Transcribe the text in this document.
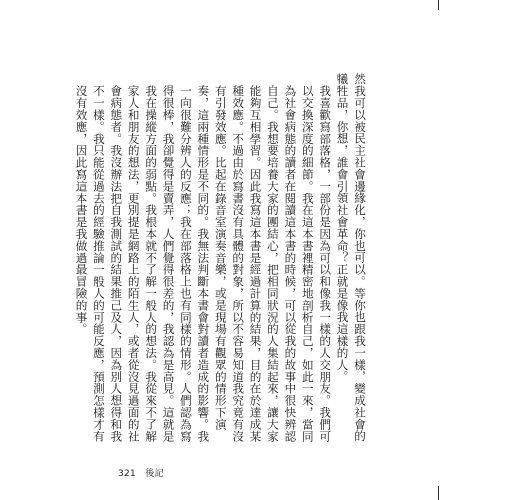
然我可以被民主社會邊緣化，你也可以。等你也跟我一樣，變成社會的犧牲品，你想，誰會引領社會革命？正就是像我這樣的人。

我喜歡寫部落格，一部份是因為可以和像我一樣的人交朋友。我們可以交換深度的細節。我在這本書裡精密地剖析自己，如此一來，當同為社會病態的讀者在閱讀這本書的時候，可以從我的故事中很快辨認自己。我想要培養大家的團結心，把相同狀況的人集結起來，讓大家能夠互相學習。因此我寫這本書是經過計算的結果，目的在於達成某種效應。不過由於寫書沒有具體的對象，所以不容易知道我究竟有沒有引發效應。比起在錄音室演奏音樂，或是現場有觀眾的情形下演奏，這兩種情形是不同的。我無法判斷本書會對讀者造成的影響。我一向很難分辨人的反應；我在部落格上也有同樣的情形。人們認為寫得很棒，我卻覺得是賣弄，人們覺得很差的，我認為是高見。這就是我在操縱方面的弱點。我根本就不了解一般人的想法。我從來不了解家人和朋友的想法，更別提是網路上的陌生人，或者從沒見過面的社會病態者。我沒辦法把自我測試的結果推己及人，因為別人想得和我不一樣。我只能從過去的經驗推論一般人的可能反應，預測怎樣才有沒有效應，因此寫這本書是我做過最冒險的事。

321 後記
